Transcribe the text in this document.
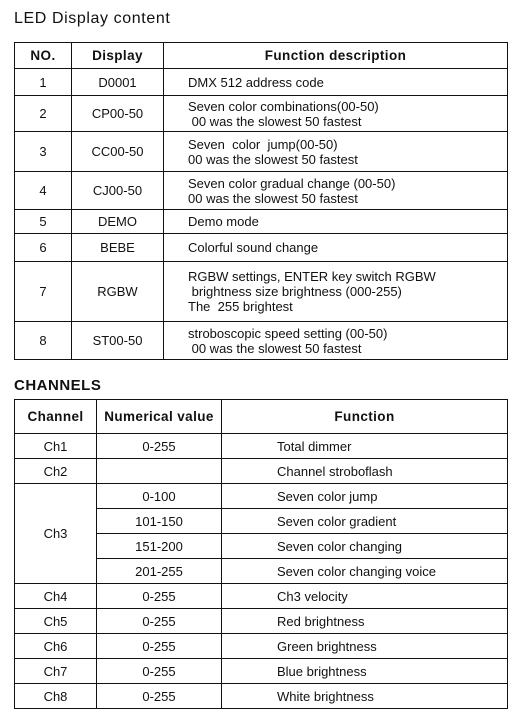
LED Display content
NO.	Display	Function description
1	D0001	DMX 512 address code

2	CP00-50	Seven color combinations(00-50)
00 was the slowest 50 fastest

3	CC00-50	Seven  color  jump(00-50)
00 was the slowest 50 fastest

4	CJ00-50	Seven color gradual change (00-50)
00 was the slowest 50 fastest

5	DEMO	Demo mode

6	BEBE	Colorful sound change

7	RGBW	RGBW settings, ENTER key switch RGBW
brightness size brightness (000-255)
The  255 brightest

8	ST00-50	stroboscopic speed setting (00-50)
00 was the slowest 50 fastest
CHANNELS
Channel	Numerical value	Function
Ch1	0-255	Total dimmer
Ch2		Channel stroboflash
Ch3	0-100	Seven color jump
	101-150	Seven color gradient
	151-200	Seven color changing
	201-255	Seven color changing voice
Ch4	0-255	Ch3 velocity
Ch5	0-255	Red brightness
Ch6	0-255	Green brightness
Ch7	0-255	Blue brightness
Ch8	0-255	White brightness
